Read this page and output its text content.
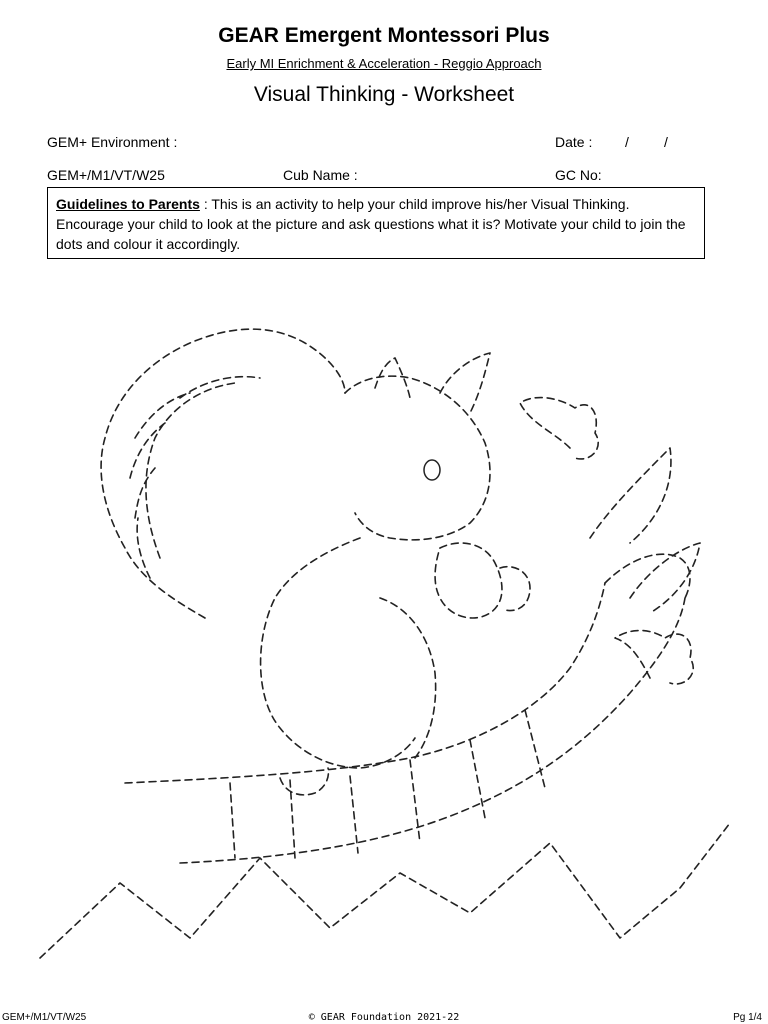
GEAR Emergent Montessori Plus
Early MI Enrichment & Acceleration - Reggio Approach
Visual Thinking - Worksheet
GEM+ Environment :	Date : /	/
GEM+/M1/VT/W25	Cub Name :	GC No:
Guidelines to Parents : This is an activity to help your child improve his/her Visual Thinking. Encourage your child to look at the picture and ask questions what it is? Motivate your child to join the dots and colour it accordingly.
GEM+/M1/VT/W25	© GEAR Foundation 2021-22	Pg 1/4
